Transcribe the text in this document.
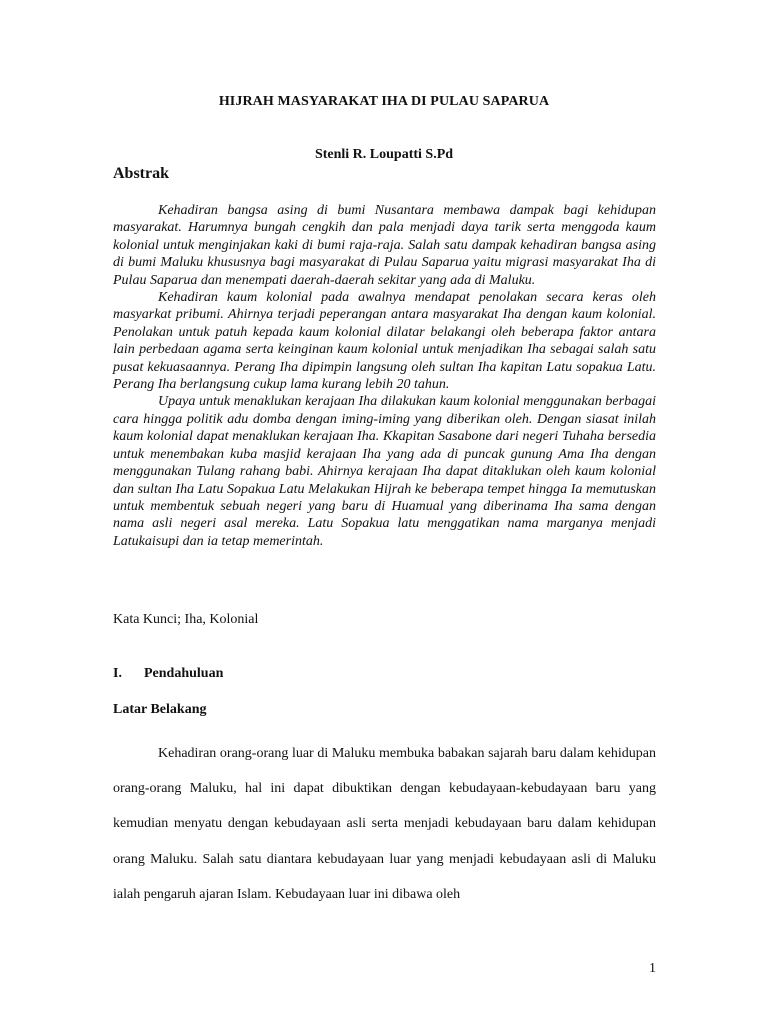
HIJRAH MASYARAKAT IHA DI PULAU SAPARUA
Stenli R. Loupatti S.Pd
Abstrak

Kehadiran bangsa asing di bumi Nusantara membawa dampak bagi kehidupan masyarakat. Harumnya bungah cengkih dan pala menjadi daya tarik serta menggoda kaum kolonial untuk menginjakan kaki di bumi raja-raja. Salah satu dampak kehadiran bangsa asing di bumi Maluku khususnya bagi masyarakat di Pulau Saparua yaitu migrasi masyarakat Iha di Pulau Saparua dan menempati daerah-daerah sekitar yang ada di Maluku.

Kehadiran kaum kolonial pada awalnya mendapat penolakan secara keras oleh masyarkat pribumi. Ahirnya terjadi peperangan antara masyarakat Iha dengan kaum kolonial. Penolakan untuk patuh kepada kaum kolonial dilatar belakangi oleh beberapa faktor antara lain perbedaan agama serta keinginan kaum kolonial untuk menjadikan Iha sebagai salah satu pusat kekuasaannya. Perang Iha dipimpin langsung oleh sultan Iha kapitan Latu sopakua Latu. Perang Iha berlangsung cukup lama kurang lebih 20 tahun.

Upaya untuk menaklukan kerajaan Iha dilakukan kaum kolonial menggunakan berbagai cara hingga politik adu domba dengan iming-iming yang diberikan oleh. Dengan siasat inilah kaum kolonial dapat menaklukan kerajaan Iha. Kkapitan Sasabone dari negeri Tuhaha bersedia untuk menembakan kuba masjid kerajaan Iha yang ada di puncak gunung Ama Iha dengan menggunakan Tulang rahang babi. Ahirnya kerajaan Iha dapat ditaklukan oleh kaum kolonial dan sultan Iha Latu Sopakua Latu Melakukan Hijrah ke beberapa tempet hingga Ia memutuskan untuk membentuk sebuah negeri yang baru di Huamual yang diberinama Iha sama dengan nama asli negeri asal mereka. Latu Sopakua latu menggatikan nama marganya menjadi Latukaisupi dan ia tetap memerintah.

Kata Kunci; Iha, Kolonial
I. Pendahuluan
Latar Belakang

Kehadiran orang-orang luar di Maluku membuka babakan sajarah baru dalam kehidupan orang-orang Maluku, hal ini dapat dibuktikan dengan kebudayaan-kebudayaan baru yang kemudian menyatu dengan kebudayaan asli serta menjadi kebudayaan baru dalam kehidupan orang Maluku. Salah satu diantara kebudayaan luar yang menjadi kebudayaan asli di Maluku ialah pengaruh ajaran Islam. Kebudayaan luar ini dibawa oleh

1
